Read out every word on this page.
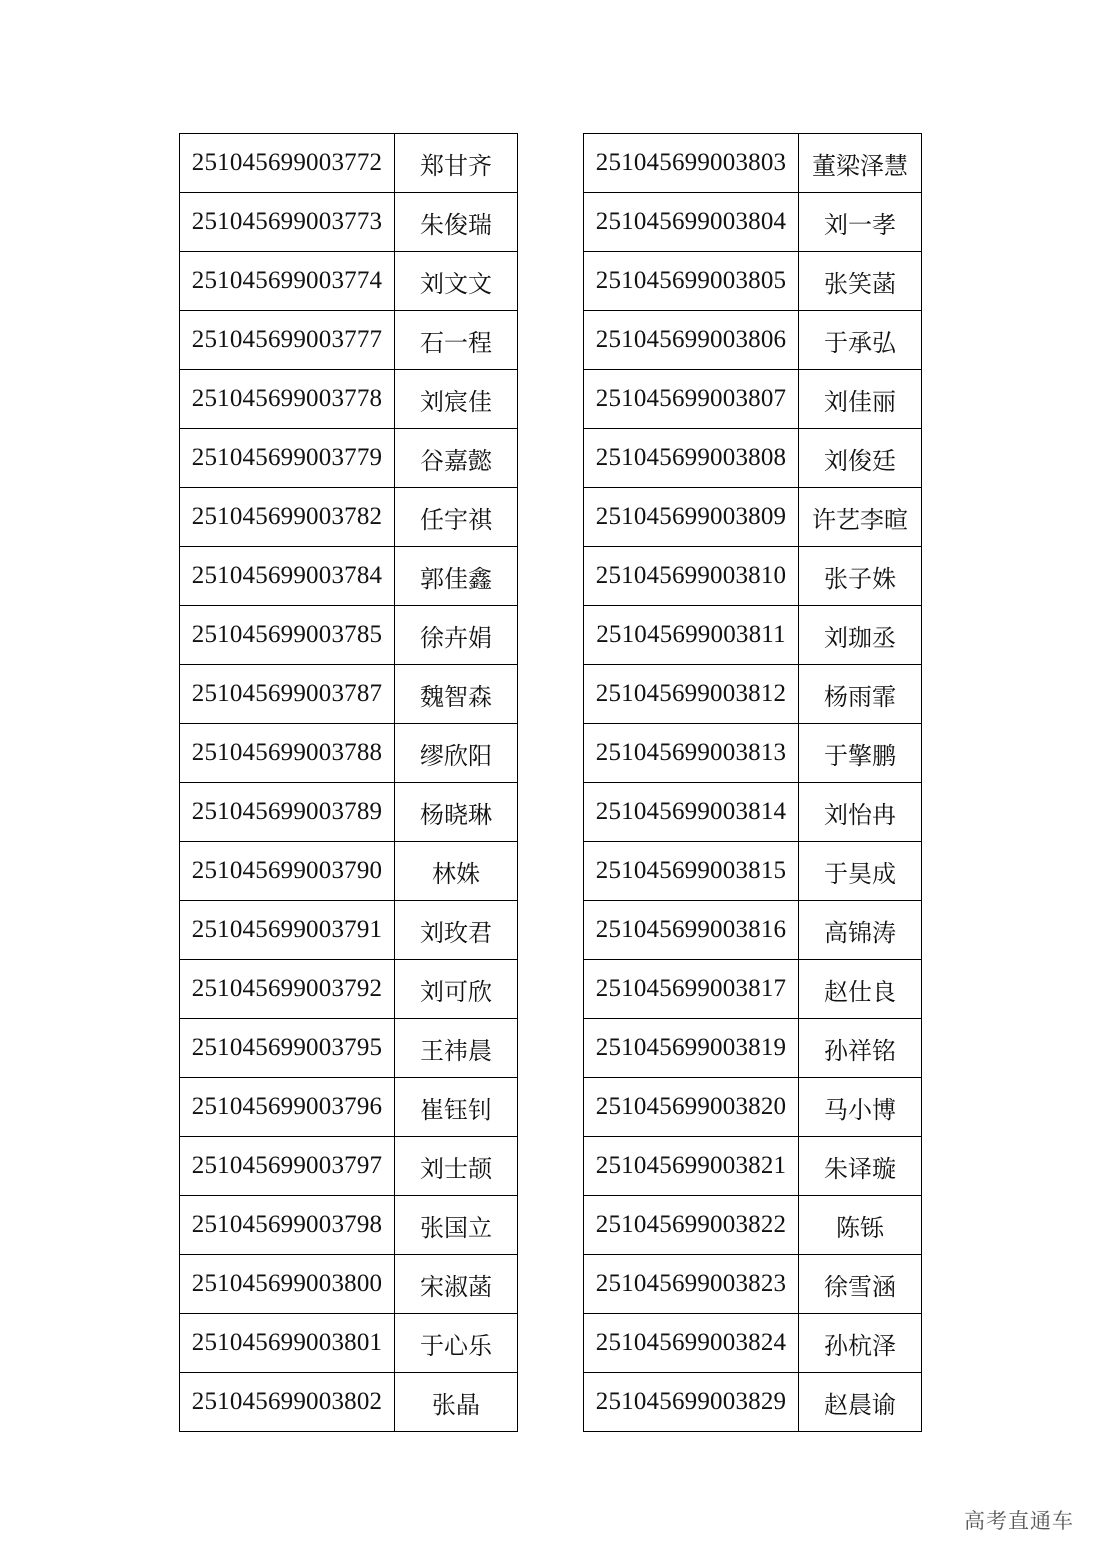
251045699003772	郑甘齐
251045699003773	朱俊瑞
251045699003774	刘文文
251045699003777	石一程
251045699003778	刘宸佳
251045699003779	谷嘉懿
251045699003782	任宇祺
251045699003784	郭佳鑫
251045699003785	徐卉娟
251045699003787	魏智森
251045699003788	缪欣阳
251045699003789	杨晓琳
251045699003790	林姝
251045699003791	刘玫君
251045699003792	刘可欣
251045699003795	王祎晨
251045699003796	崔钰钊
251045699003797	刘士颉
251045699003798	张国立
251045699003800	宋淑菡
251045699003801	于心乐
251045699003802	张晶
251045699003803	董梁泽慧
251045699003804	刘一孝
251045699003805	张笑菡
251045699003806	于承弘
251045699003807	刘佳丽
251045699003808	刘俊廷
251045699003809	许艺李暄
251045699003810	张子姝
251045699003811	刘珈丞
251045699003812	杨雨霏
251045699003813	于擎鹏
251045699003814	刘怡冉
251045699003815	于昊成
251045699003816	高锦涛
251045699003817	赵仕良
251045699003819	孙祥铭
251045699003820	马小博
251045699003821	朱译璇
251045699003822	陈铄
251045699003823	徐雪涵
251045699003824	孙杭泽
251045699003829	赵晨谕
高考直通车
